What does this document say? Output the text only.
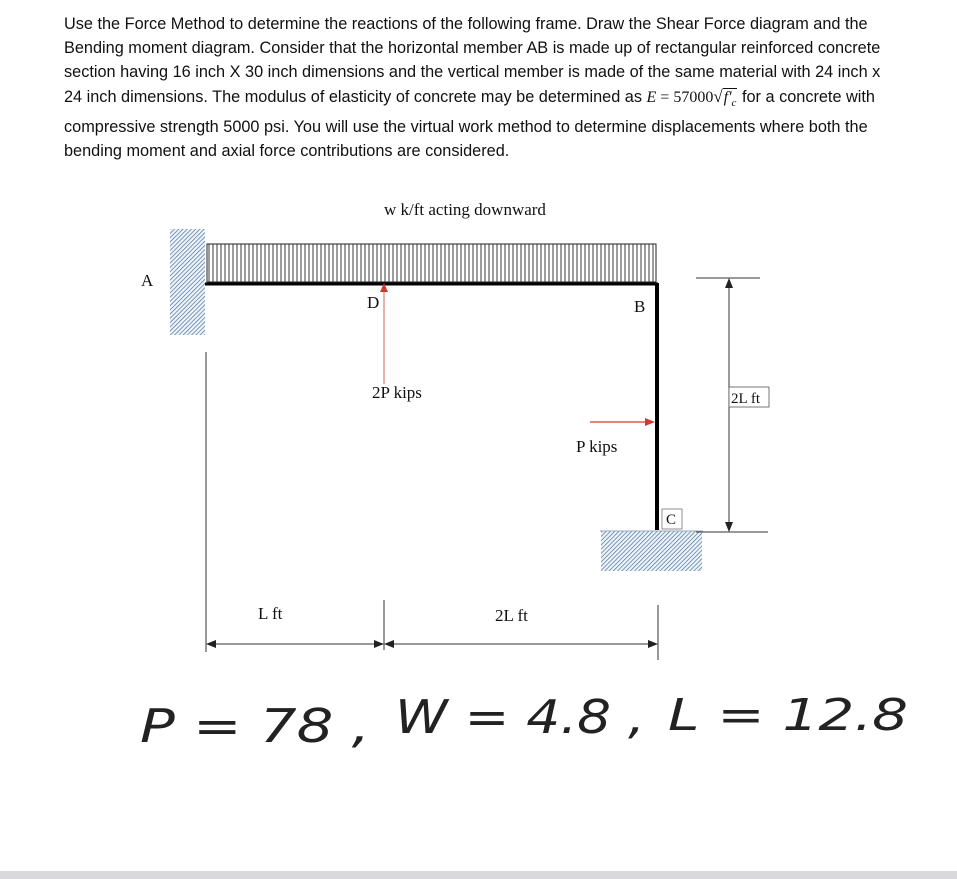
Use the Force Method to determine the reactions of the following frame. Draw the Shear Force diagram and the Bending moment diagram. Consider that the horizontal member AB is made up of rectangular reinforced concrete section having 16 inch X 30 inch dimensions and the vertical member is made of the same material with 24 inch x 24 inch dimensions. The modulus of elasticity of concrete may be determined as $E = 57000√f'_c$ for a concrete with compressive strength 5000 psi. You will use the virtual work method to determine displacements where both the bending moment and axial force contributions are considered.
A
w k/ft acting downward
C
D
2P kips
B
P kips
2L ft
L ft	2L ft
P = 78 , W = 4.8 , L = 12.8
